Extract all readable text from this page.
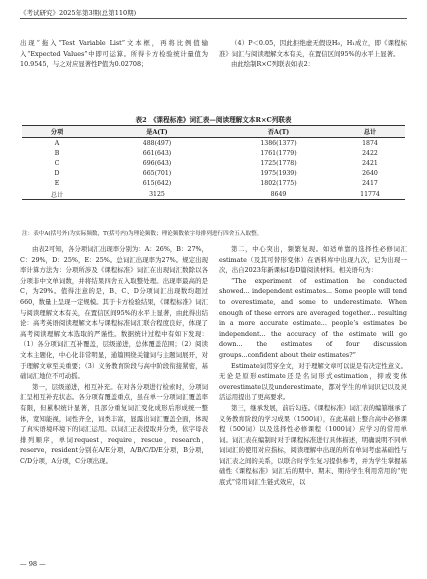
《考试研究》2025年第3期(总第110期)

出现“拖入“Test Variable List”文本框，再将比例值输入“Expected Values”中即可运算。所得卡方检验统计量值为10.9545，与之对应显著性P值为0.02708；

（4）P＜0.05，因此拒绝虚无假设H₀，H₁成立，即《课程标准》词汇与阅读理解文本有关，在置信区间95%的水平上显著。

由此绘制R×C列联表如表2：

表2　《课程标准》词汇表—阅读理解文本R×C列联表
分项	是A(T)	否A(T)	总计
A	488(497)	1386(1377)	1874
B	661(643)	1761(1779)	2422
C	696(643)	1725(1778)	2421
D	665(701)	1975(1939)	2640
E	615(642)	1802(1775)	2417
总计	3125	8649	11774
注：表中A(括号外)为实际频数，T(括号内)为理论频数；理论频数依字母排列进行四舍五入取整。

由表2可知，各分项词汇出现率分别为：A：26%，B：27%，C：29%，D：25%，E：25%。总词汇出现率为27%。规定出现率计算方法为：分项所涉及《课程标准》词汇在出现词汇数除以各分项非中文单词数，并将结果四舍五入取整处理。出现率最高的是C，为29%。值得注意的是，B、C、D分项词汇出现数均超过660，数量上呈现一定规模。其于卡方检验结果，《课程标准》词汇与阅读理解文本有关，在置信区间95%的水平上显著，由此得出结论：高考英语阅读理解文本与课程标准词汇联合程度良好，体现了高考阅读理解文本选取的严谨性。数据统计过程中有如下发现：（1）各分项词汇互补覆盖，层级递进，总体覆盖范围；（2）阅读文本主题化，中心化非常明显，通篇围绕关键词与主题词展开，对于理解文章至关重要；（3）义务教育阶段与高中阶段衔接紧密，基础词汇地位不可动摇。

第一，层级递进，相互补充。在对各分项进行检索时，分项词汇呈相互补充状态。各分项有覆盖重点，虽在单一分项词汇覆盖率有限，但累积统计显著，且部分重复词汇变化成形后形成统一整体，宽知能视，词性齐全，词类丰富，显露出词汇覆盖全面，体现了真实语境环境下的词汇运用。以词汇正表提取并分类，依字母表排列顺序，单词request，require，rescue，research，reserve，resident分别在A/E分项，A/B/C/D/E分项，B分项，C/D分项，A分项，C分项出现。

第二，中心突出，频繁复现。如适单靠的选择性必修词汇estimate（及其可替形变体）在语料库中出现九次，记为出现一次，出自2023年新课标Ⅰ卷D篇阅读材料。相关语句为：

“The experiment of estimation he conducted showed... independent estimates... Some people will tend to overestimate, and some to underestimate. When enough of these errors are averaged together... resulting in a more accurate estimate... people’s estimates be independent... the accuracy of the estimate will go down... the estimates of four discussion groups...confident about their estimates?”

Estimate词贯穿全文，对于理解文章可以说是有决定性意义。无论是原形estimate还是名词形式estimation，抑或变体overestimate以及underestimate，都对学生的单词识记以及灵活运用提出了更高要求。

第三，继承发展，前后勾连。《课程标准》词汇表的编纂继承了义务教育阶段的学习成果（1500词），在此基础上整合高中必修课程（500词）以及选择性必修课程（1000词）应学习的常用单词。词汇表在编制时对于课程标准进行具体描述，明确说明不同单词词汇的使用对应指标，阅读理解中出现的所有单词考虑基础性与词汇表之间的关系，以联合时学生复习提供参考，并为学生掌握基础性《课程标准》词汇后的期中、期末、期待学生利用常用的“兜底式”常用词汇生链式效应，以

— 98 —
